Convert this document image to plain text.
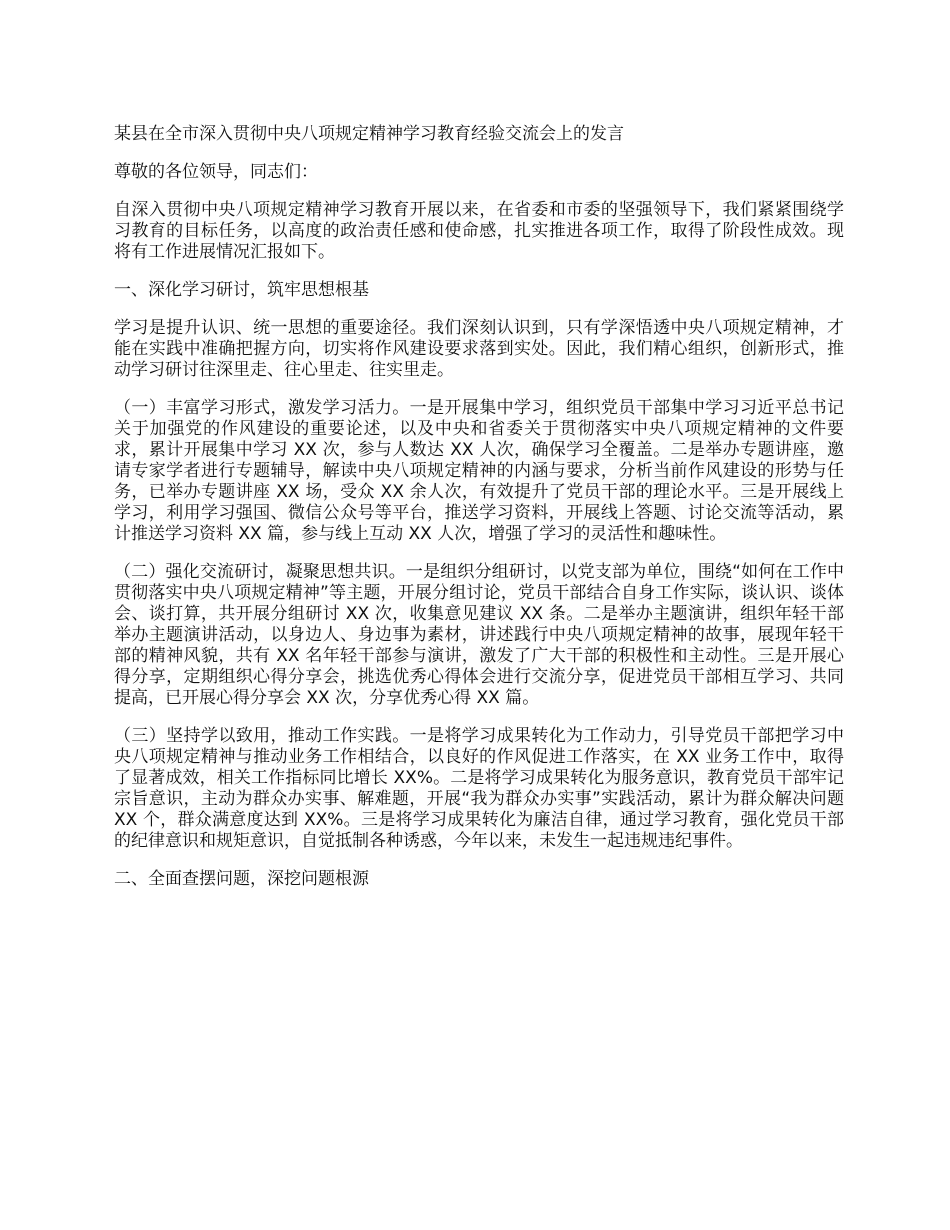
某县在全市深入贯彻中央八项规定精神学习教育经验交流会上的发言

尊敬的各位领导，同志们：

自深入贯彻中央八项规定精神学习教育开展以来，在省委和市委的坚强领导下，我们紧紧围绕学习教育的目标任务，以高度的政治责任感和使命感，扎实推进各项工作，取得了阶段性成效。现将有工作进展情况汇报如下。

一、深化学习研讨，筑牢思想根基

学习是提升认识、统一思想的重要途径。我们深刻认识到，只有学深悟透中央八项规定精神，才能在实践中准确把握方向，切实将作风建设要求落到实处。因此，我们精心组织，创新形式，推动学习研讨往深里走、往心里走、往实里走。

（一）丰富学习形式，激发学习活力。一是开展集中学习，组织党员干部集中学习习近平总书记关于加强党的作风建设的重要论述，以及中央和省委关于贯彻落实中央八项规定精神的文件要求，累计开展集中学习 XX 次，参与人数达 XX 人次，确保学习全覆盖。二是举办专题讲座，邀请专家学者进行专题辅导，解读中央八项规定精神的内涵与要求，分析当前作风建设的形势与任务，已举办专题讲座 XX 场，受众 XX 余人次，有效提升了党员干部的理论水平。三是开展线上学习，利用学习强国、微信公众号等平台，推送学习资料，开展线上答题、讨论交流等活动，累计推送学习资料 XX 篇，参与线上互动 XX 人次，增强了学习的灵活性和趣味性。

（二）强化交流研讨，凝聚思想共识。一是组织分组研讨，以党支部为单位，围绕“如何在工作中贯彻落实中央八项规定精神”等主题，开展分组讨论，党员干部结合自身工作实际，谈认识、谈体会、谈打算，共开展分组研讨 XX 次，收集意见建议 XX 条。二是举办主题演讲，组织年轻干部举办主题演讲活动，以身边人、身边事为素材，讲述践行中央八项规定精神的故事，展现年轻干部的精神风貌，共有 XX 名年轻干部参与演讲，激发了广大干部的积极性和主动性。三是开展心得分享，定期组织心得分享会，挑选优秀心得体会进行交流分享，促进党员干部相互学习、共同提高，已开展心得分享会 XX 次，分享优秀心得 XX 篇。

（三）坚持学以致用，推动工作实践。一是将学习成果转化为工作动力，引导党员干部把学习中央八项规定精神与推动业务工作相结合，以良好的作风促进工作落实，在 XX 业务工作中，取得了显著成效，相关工作指标同比增长 XX%。二是将学习成果转化为服务意识，教育党员干部牢记宗旨意识，主动为群众办实事、解难题，开展“我为群众办实事”实践活动，累计为群众解决问题 XX 个，群众满意度达到 XX%。三是将学习成果转化为廉洁自律，通过学习教育，强化党员干部的纪律意识和规矩意识，自觉抵制各种诱惑，今年以来，未发生一起违规违纪事件。

二、全面查摆问题，深挖问题根源
